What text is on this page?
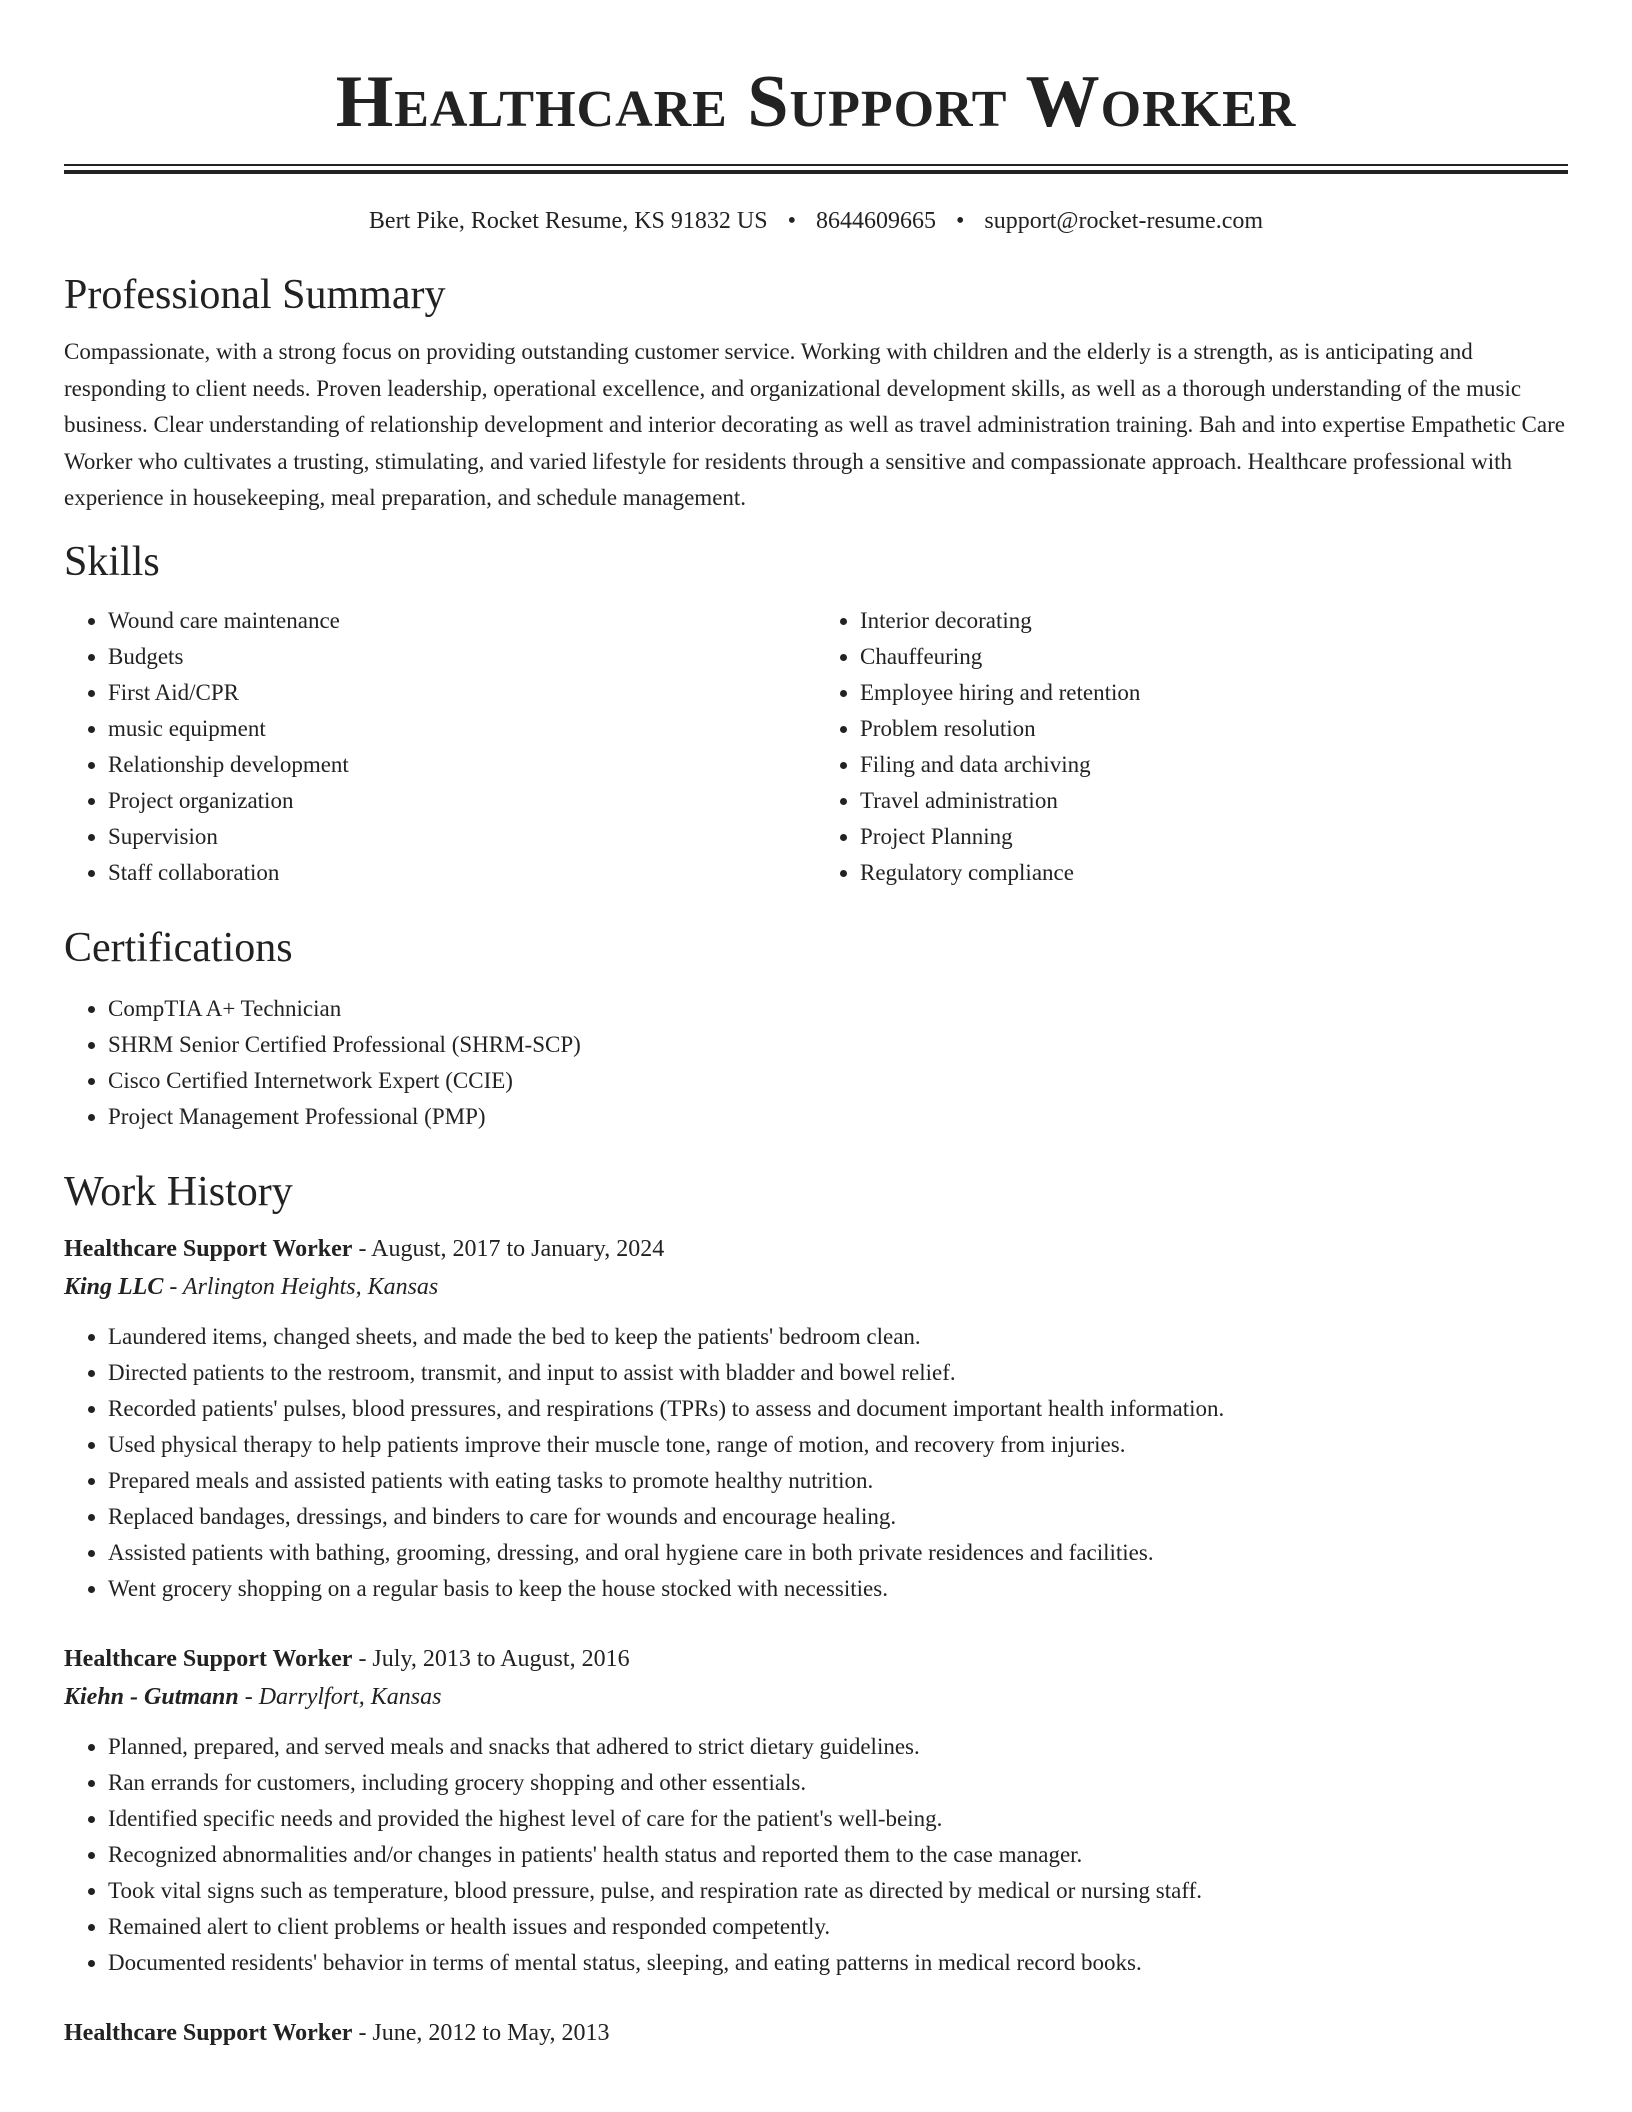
Healthcare Support Worker
Bert Pike, Rocket Resume, KS 91832 US • 8644609665 • support@rocket-resume.com
Professional Summary
Compassionate, with a strong focus on providing outstanding customer service. Working with children and the elderly is a strength, as is anticipating and responding to client needs. Proven leadership, operational excellence, and organizational development skills, as well as a thorough understanding of the music business. Clear understanding of relationship development and interior decorating as well as travel administration training. Bah and into expertise Empathetic Care Worker who cultivates a trusting, stimulating, and varied lifestyle for residents through a sensitive and compassionate approach. Healthcare professional with experience in housekeeping, meal preparation, and schedule management.
Skills
• Wound care maintenance
• Budgets
• First Aid/CPR
• music equipment
• Relationship development
• Project organization
• Supervision
• Staff collaboration
• Interior decorating
• Chauffeuring
• Employee hiring and retention
• Problem resolution
• Filing and data archiving
• Travel administration
• Project Planning
• Regulatory compliance
Certifications
• CompTIA A+ Technician
• SHRM Senior Certified Professional (SHRM-SCP)
• Cisco Certified Internetwork Expert (CCIE)
• Project Management Professional (PMP)
Work History
Healthcare Support Worker - August, 2017 to January, 2024
King LLC - Arlington Heights, Kansas
• Laundered items, changed sheets, and made the bed to keep the patients' bedroom clean.
• Directed patients to the restroom, transmit, and input to assist with bladder and bowel relief.
• Recorded patients' pulses, blood pressures, and respirations (TPRs) to assess and document important health information.
• Used physical therapy to help patients improve their muscle tone, range of motion, and recovery from injuries.
• Prepared meals and assisted patients with eating tasks to promote healthy nutrition.
• Replaced bandages, dressings, and binders to care for wounds and encourage healing.
• Assisted patients with bathing, grooming, dressing, and oral hygiene care in both private residences and facilities.
• Went grocery shopping on a regular basis to keep the house stocked with necessities.
Healthcare Support Worker - July, 2013 to August, 2016
Kiehn - Gutmann - Darrylfort, Kansas
• Planned, prepared, and served meals and snacks that adhered to strict dietary guidelines.
• Ran errands for customers, including grocery shopping and other essentials.
• Identified specific needs and provided the highest level of care for the patient's well-being.
• Recognized abnormalities and/or changes in patients' health status and reported them to the case manager.
• Took vital signs such as temperature, blood pressure, pulse, and respiration rate as directed by medical or nursing staff.
• Remained alert to client problems or health issues and responded competently.
• Documented residents' behavior in terms of mental status, sleeping, and eating patterns in medical record books.
Healthcare Support Worker - June, 2012 to May, 2013
